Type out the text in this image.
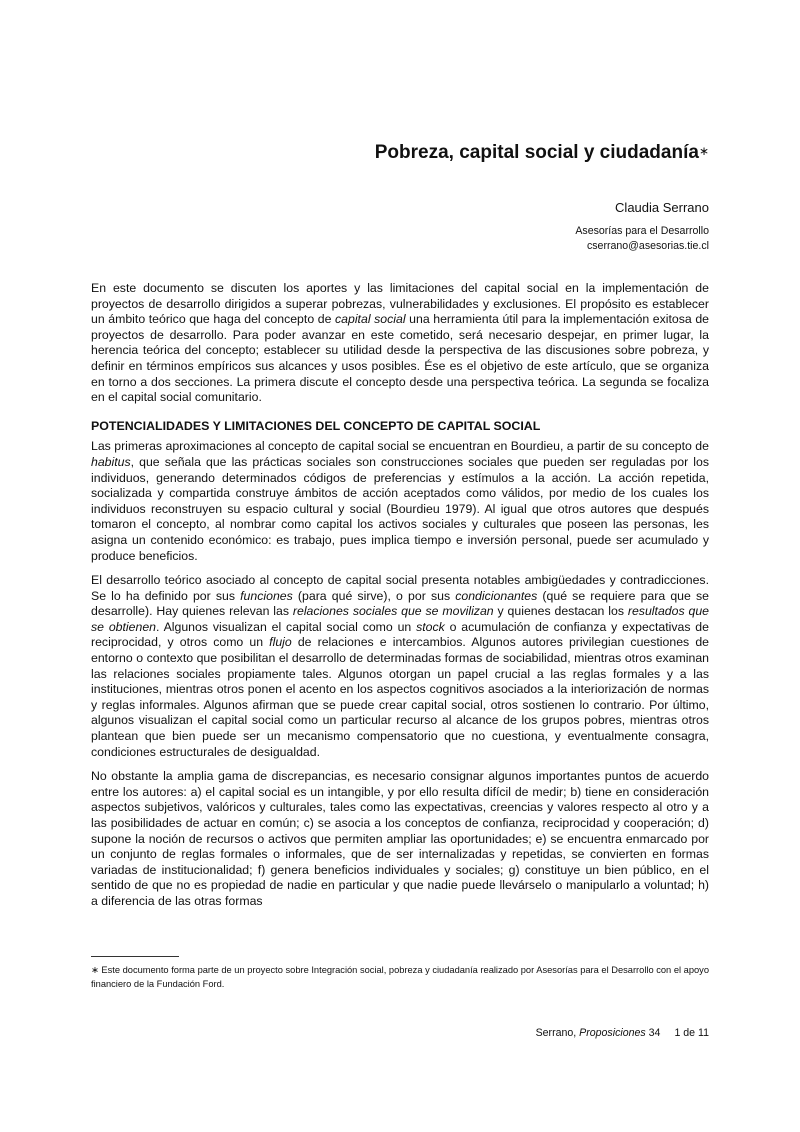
Pobreza, capital social y ciudadanía∗
Claudia Serrano
Asesorías para el Desarrollo
cserrano@asesorias.tie.cl

En este documento se discuten los aportes y las limitaciones del capital social en la implementación de proyectos de desarrollo dirigidos a superar pobrezas, vulnerabilidades y exclusiones. El propósito es establecer un ámbito teórico que haga del concepto de capital social una herramienta útil para la implementación exitosa de proyectos de desarrollo. Para poder avanzar en este cometido, será necesario despejar, en primer lugar, la herencia teórica del concepto; establecer su utilidad desde la perspectiva de las discusiones sobre pobreza, y definir en términos empíricos sus alcances y usos posibles. Ése es el objetivo de este artículo, que se organiza en torno a dos secciones. La primera discute el concepto desde una perspectiva teórica. La segunda se focaliza en el capital social comunitario.

POTENCIALIDADES Y LIMITACIONES DEL CONCEPTO DE CAPITAL SOCIAL

Las primeras aproximaciones al concepto de capital social se encuentran en Bourdieu, a partir de su concepto de habitus, que señala que las prácticas sociales son construcciones sociales que pueden ser reguladas por los individuos, generando determinados códigos de preferencias y estímulos a la acción. La acción repetida, socializada y compartida construye ámbitos de acción aceptados como válidos, por medio de los cuales los individuos reconstruyen su espacio cultural y social (Bourdieu 1979). Al igual que otros autores que después tomaron el concepto, al nombrar como capital los activos sociales y culturales que poseen las personas, les asigna un contenido económico: es trabajo, pues implica tiempo e inversión personal, puede ser acumulado y produce beneficios.

El desarrollo teórico asociado al concepto de capital social presenta notables ambigüedades y contradicciones. Se lo ha definido por sus funciones (para qué sirve), o por sus condicionantes (qué se requiere para que se desarrolle). Hay quienes relevan las relaciones sociales que se movilizan y quienes destacan los resultados que se obtienen. Algunos visualizan el capital social como un stock o acumulación de confianza y expectativas de reciprocidad, y otros como un flujo de relaciones e intercambios. Algunos autores privilegian cuestiones de entorno o contexto que posibilitan el desarrollo de determinadas formas de sociabilidad, mientras otros examinan las relaciones sociales propiamente tales. Algunos otorgan un papel crucial a las reglas formales y a las instituciones, mientras otros ponen el acento en los aspectos cognitivos asociados a la interiorización de normas y reglas informales. Algunos afirman que se puede crear capital social, otros sostienen lo contrario. Por último, algunos visualizan el capital social como un particular recurso al alcance de los grupos pobres, mientras otros plantean que bien puede ser un mecanismo compensatorio que no cuestiona, y eventualmente consagra, condiciones estructurales de desigualdad.

No obstante la amplia gama de discrepancias, es necesario consignar algunos importantes puntos de acuerdo entre los autores: a) el capital social es un intangible, y por ello resulta difícil de medir; b) tiene en consideración aspectos subjetivos, valóricos y culturales, tales como las expectativas, creencias y valores respecto al otro y a las posibilidades de actuar en común; c) se asocia a los conceptos de confianza, reciprocidad y cooperación; d) supone la noción de recursos o activos que permiten ampliar las oportunidades; e) se encuentra enmarcado por un conjunto de reglas formales o informales, que de ser internalizadas y repetidas, se convierten en formas variadas de institucionalidad; f) genera beneficios individuales y sociales; g) constituye un bien público, en el sentido de que no es propiedad de nadie en particular y que nadie puede llevárselo o manipularlo a voluntad; h) a diferencia de las otras formas

∗ Este documento forma parte de un proyecto sobre Integración social, pobreza y ciudadanía realizado por Asesorías para el Desarrollo con el apoyo financiero de la Fundación Ford.
Serrano, Proposiciones 34 1 de 11
